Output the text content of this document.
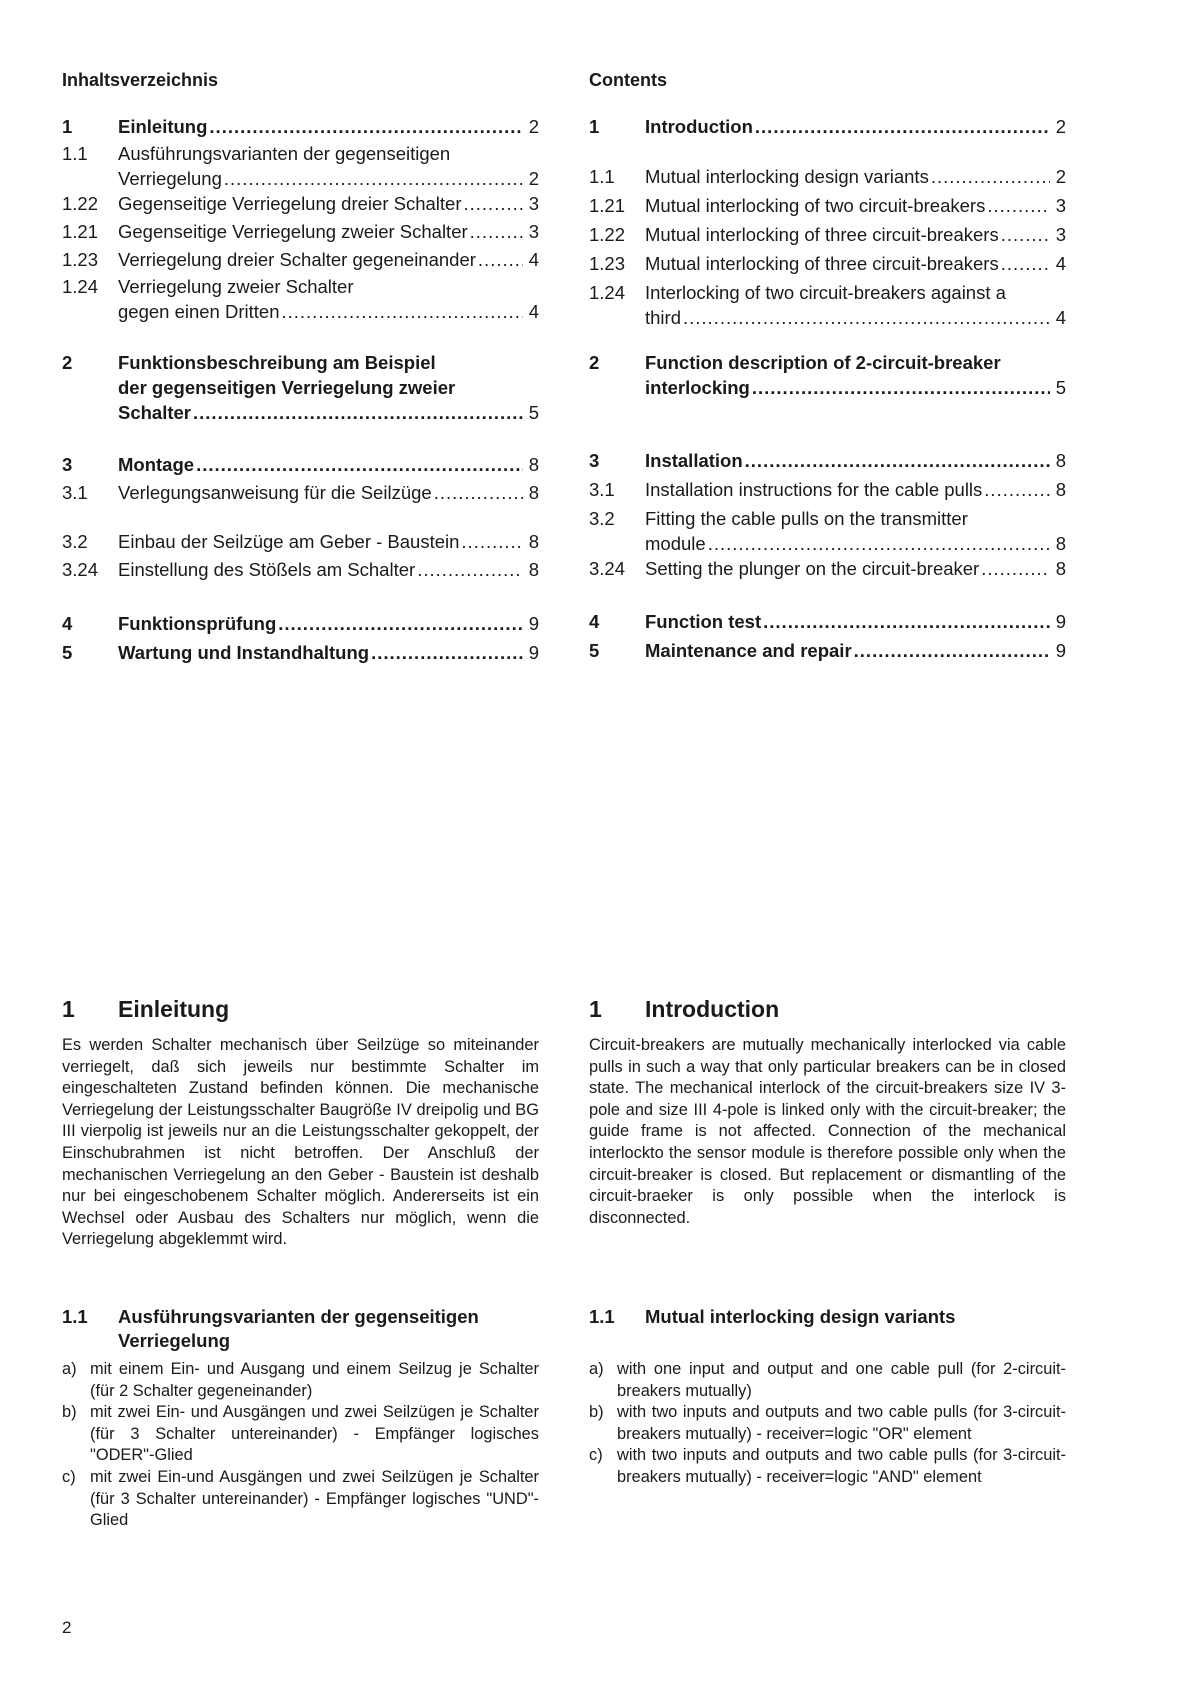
Inhaltsverzeichnis
1 Einleitung .....	2
1.1 Ausführungsvarianten der gegenseitigen
Verriegelung .....	2
1.22 Gegenseitige Verriegelung dreier Schalter .....	3
1.21 Gegenseitige Verriegelung zweier Schalter .....	3
1.23 Verriegelung dreier Schalter gegeneinander .....	4
1.24 Verriegelung zweier Schalter
gegen einen Dritten .....	4
2 Funktionsbeschreibung am Beispiel
der gegenseitigen Verriegelung zweier
Schalter .....	5
3 Montage .....	8
3.1 Verlegungsanweisung für die Seilzüge .....	8
3.2 Einbau der Seilzüge am Geber - Baustein .....	8
3.24 Einstellung des Stößels am Schalter .....	8
4 Funktionsprüfung .....	9
5 Wartung und Instandhaltung .....	9
1 Einleitung
Es werden Schalter mechanisch über Seilzüge so miteinander verriegelt, daß sich jeweils nur bestimmte Schalter im eingeschalteten Zustand befinden können. Die mechanische Verriegelung der Leistungsschalter Baugröße IV dreipolig und BG III vierpolig ist jeweils nur an die Leistungsschalter gekoppelt, der Einschubrahmen ist nicht betroffen. Der Anschluß der mechanischen Verriegelung an den Geber - Baustein ist deshalb nur bei eingeschobenem Schalter möglich. Andererseits ist ein Wechsel oder Ausbau des Schalters nur möglich, wenn die Verriegelung abgeklemmt wird.
1.1 Ausführungsvarianten der gegenseitigen Verriegelung
a) mit einem Ein- und Ausgang und einem Seilzug je Schalter (für 2 Schalter gegeneinander)
b) mit zwei Ein- und Ausgängen und zwei Seilzügen je Schalter (für 3 Schalter untereinander) - Empfänger logisches "ODER"-Glied
c) mit zwei Ein-und Ausgängen und zwei Seilzügen je Schalter (für 3 Schalter untereinander) - Empfänger logisches "UND"-Glied
Contents
1 Introduction .....	2
1.1 Mutual interlocking design variants .....	2
1.21 Mutual interlocking of two circuit-breakers .....	3
1.22 Mutual interlocking of three circuit-breakers .....	3
1.23 Mutual interlocking of three circuit-breakers .....	4
1.24 Interlocking of two circuit-breakers against a
third .....	4
2 Function description of 2-circuit-breaker
interlocking .....	5
3 Installation .....	8
3.1 Installation instructions for the cable pulls .....	8
3.2 Fitting the cable pulls on the transmitter
module .....	8
3.24 Setting the plunger on the circuit-breaker .....	8
4 Function test .....	9
5 Maintenance and repair .....	9
1 Introduction
Circuit-breakers are mutually mechanically interlocked via cable pulls in such a way that only particular breakers can be in closed state. The mechanical interlock of the circuit-breakers size IV 3-pole and size III 4-pole is linked only with the circuit-breaker; the guide frame is not affected. Connection of the mechanical interlockto the sensor module is therefore possible only when the circuit-breaker is closed. But replacement or dismantling of the circuit-braeker is only possible when the interlock is disconnected.
1.1 Mutual interlocking design variants
a) with one input and output and one cable pull (for 2-circuit-breakers mutually)
b) with two inputs and outputs and two cable pulls (for 3-circuit-breakers mutually) - receiver=logic "OR" element
c) with two inputs and outputs and two cable pulls (for 3-circuit-breakers mutually) - receiver=logic "AND" element
2
